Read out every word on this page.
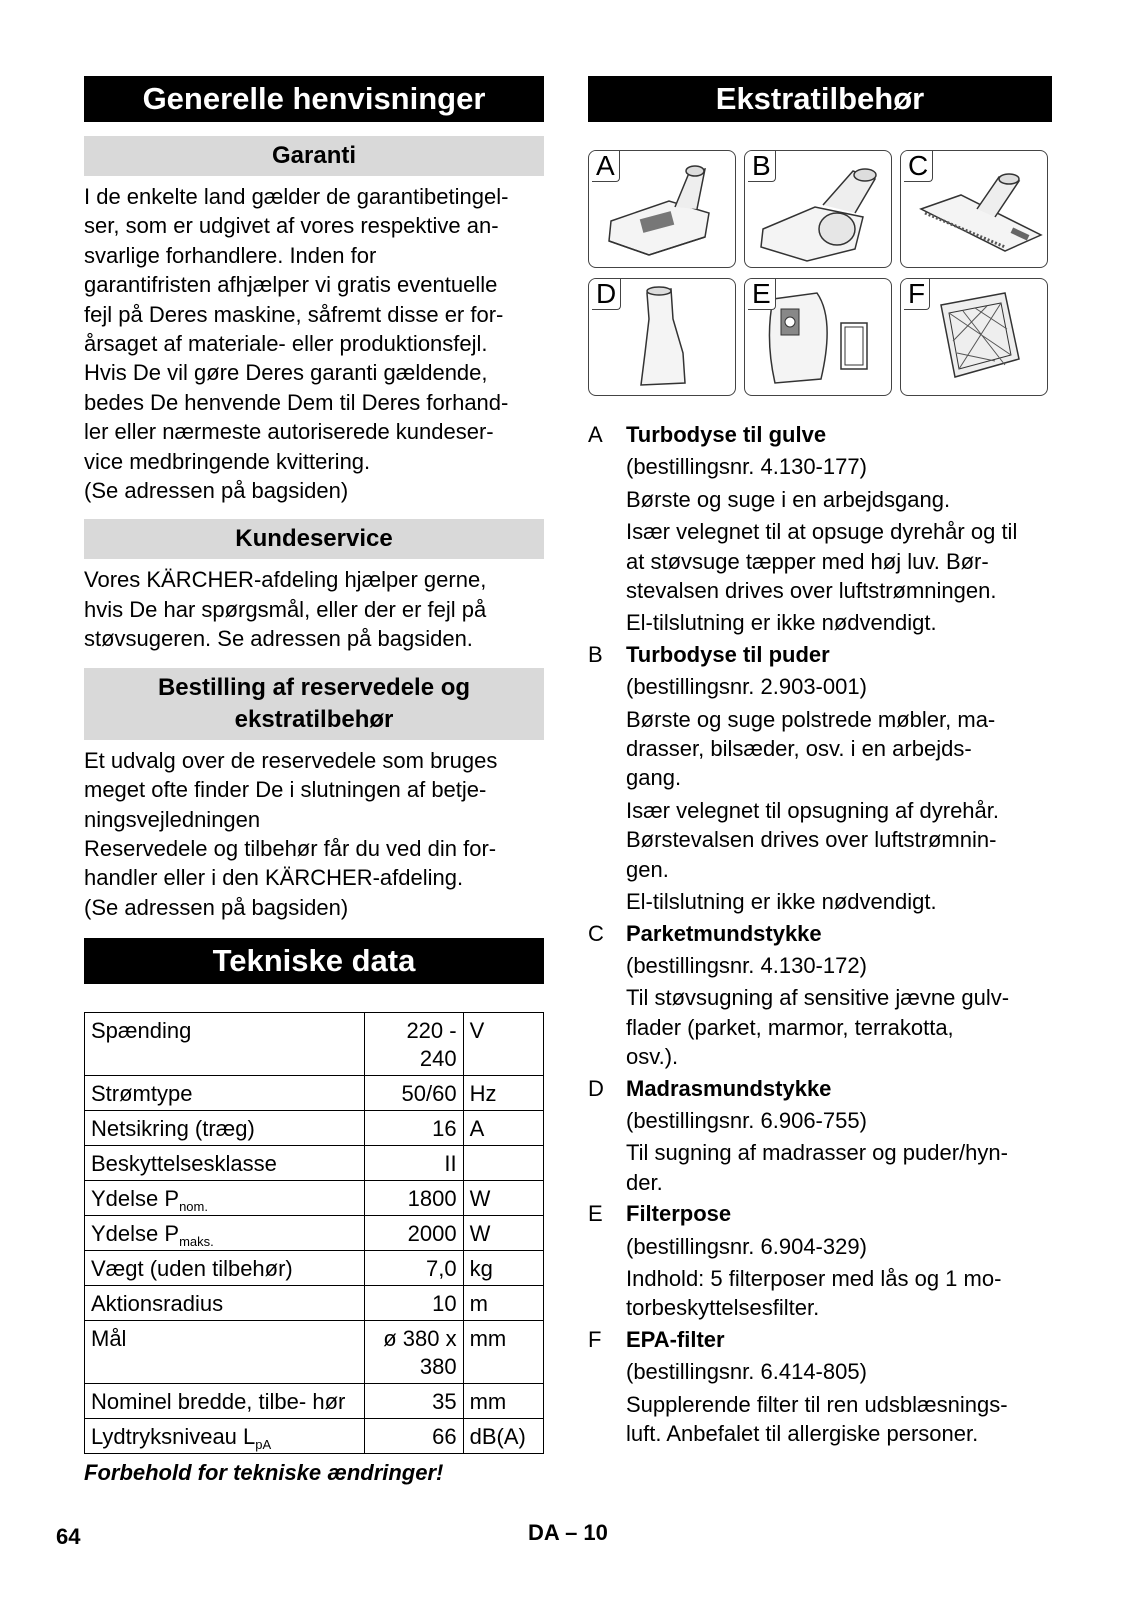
Generelle henvisninger
Garanti
I de enkelte land gælder de garantibetingel-
ser, som er udgivet af vores respektive an-
svarlige forhandlere. Inden for
garantifristen afhjælper vi gratis eventuelle
fejl på Deres maskine, såfremt disse er for-
årsaget af materiale- eller produktionsfejl.
Hvis De vil gøre Deres garanti gældende,
bedes De henvende Dem til Deres forhand-
ler eller nærmeste autoriserede kundeser-
vice medbringende kvittering.
(Se adressen på bagsiden)
Kundeservice
Vores KÄRCHER-afdeling hjælper gerne,
hvis De har spørgsmål, eller der er fejl på
støvsugeren. Se adressen på bagsiden.
Bestilling af reservedele og ekstratilbehør
Et udvalg over de reservedele som bruges
meget ofte finder De i slutningen af betje-
ningsvejledningen
Reservedele og tilbehør får du ved din for-
handler eller i den KÄRCHER-afdeling.
(Se adressen på bagsiden)
Tekniske data
Spænding	220 - 240	V
Strømtype	50/60	Hz
Netsikring (træg)	16	A
Beskyttelsesklasse	II	
Ydelse $P_{nom.}$	1800	W
Ydelse $P_{maks.}$	2000	W
Vægt (uden tilbehør)	7,0	kg
Aktionsradius	10	m
Mål	ø 380 x 380	mm
Nominel bredde, tilbe- hør	35	mm
Lydtryksniveau $L_{pA}$	66	dB(A)
Forbehold for tekniske ændringer!
Ekstratilbehør
A	B	C
D	E	F
A Turbodyse til gulve
(bestillingsnr. 4.130-177)
Børste og suge i en arbejdsgang.
Især velegnet til at opsuge dyrehår og til
at støvsuge tæpper med høj luv. Bør-
stevalsen drives over luftstrømningen.
El-tilslutning er ikke nødvendigt.
B Turbodyse til puder
(bestillingsnr. 2.903-001)
Børste og suge polstrede møbler, ma-
drasser, bilsæder, osv. i en arbejds-
gang.
Især velegnet til opsugning af dyrehår.
Børstevalsen drives over luftstrømnin-
gen.
El-tilslutning er ikke nødvendigt.
C Parketmundstykke
(bestillingsnr. 4.130-172)
Til støvsugning af sensitive jævne gulv-
flader (parket, marmor, terrakotta,
osv.).
D Madrasmundstykke
(bestillingsnr. 6.906-755)
Til sugning af madrasser og puder/hyn-
der.
E Filterpose
(bestillingsnr. 6.904-329)
Indhold: 5 filterposer med lås og 1 mo-
torbeskyttelsesfilter.
F EPA-filter
(bestillingsnr. 6.414-805)
Supplerende filter til ren udsblæsnings-
luft. Anbefalet til allergiske personer.
64	DA – 10
